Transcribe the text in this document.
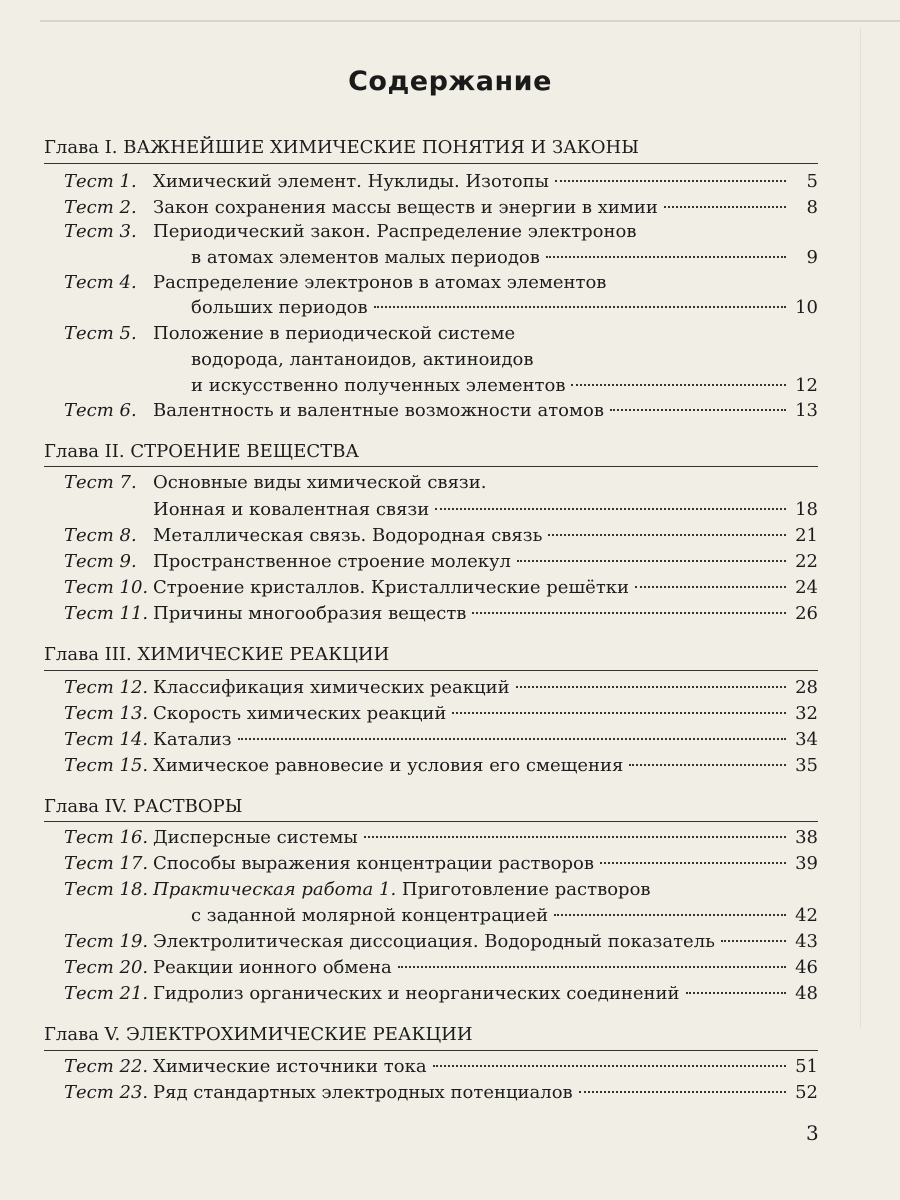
Содержание
Глава I. ВАЖНЕЙШИЕ ХИМИЧЕСКИЕ ПОНЯТИЯ И ЗАКОНЫ
Тест 1. Химический элемент. Нуклиды. Изотопы	5
Тест 2. Закон сохранения массы веществ и энергии в химии	8
Тест 3. Периодический закон. Распределение электронов
в атомах элементов малых периодов	9
Тест 4. Распределение электронов в атомах элементов
больших периодов	10
Тест 5. Положение в периодической системе
водорода, лантаноидов, актиноидов
и искусственно полученных элементов	12
Тест 6. Валентность и валентные возможности атомов	13
Глава II. СТРОЕНИЕ ВЕЩЕСТВА
Тест 7. Основные виды химической связи.
Ионная и ковалентная связи	18
Тест 8. Металлическая связь. Водородная связь	21
Тест 9. Пространственное строение молекул	22
Тест 10. Строение кристаллов. Кристаллические решётки	24
Тест 11. Причины многообразия веществ	26
Глава III. ХИМИЧЕСКИЕ РЕАКЦИИ
Тест 12. Классификация химических реакций	28
Тест 13. Скорость химических реакций	32
Тест 14. Катализ	34
Тест 15. Химическое равновесие и условия его смещения	35
Глава IV. РАСТВОРЫ
Тест 16. Дисперсные системы	38
Тест 17. Способы выражения концентрации растворов	39
Тест 18. Практическая работа 1. Приготовление растворов
с заданной молярной концентрацией	42
Тест 19. Электролитическая диссоциация. Водородный показатель	43
Тест 20. Реакции ионного обмена	46
Тест 21. Гидролиз органических и неорганических соединений	48
Глава V. ЭЛЕКТРОХИМИЧЕСКИЕ РЕАКЦИИ
Тест 22. Химические источники тока	51
Тест 23. Ряд стандартных электродных потенциалов	52
3
